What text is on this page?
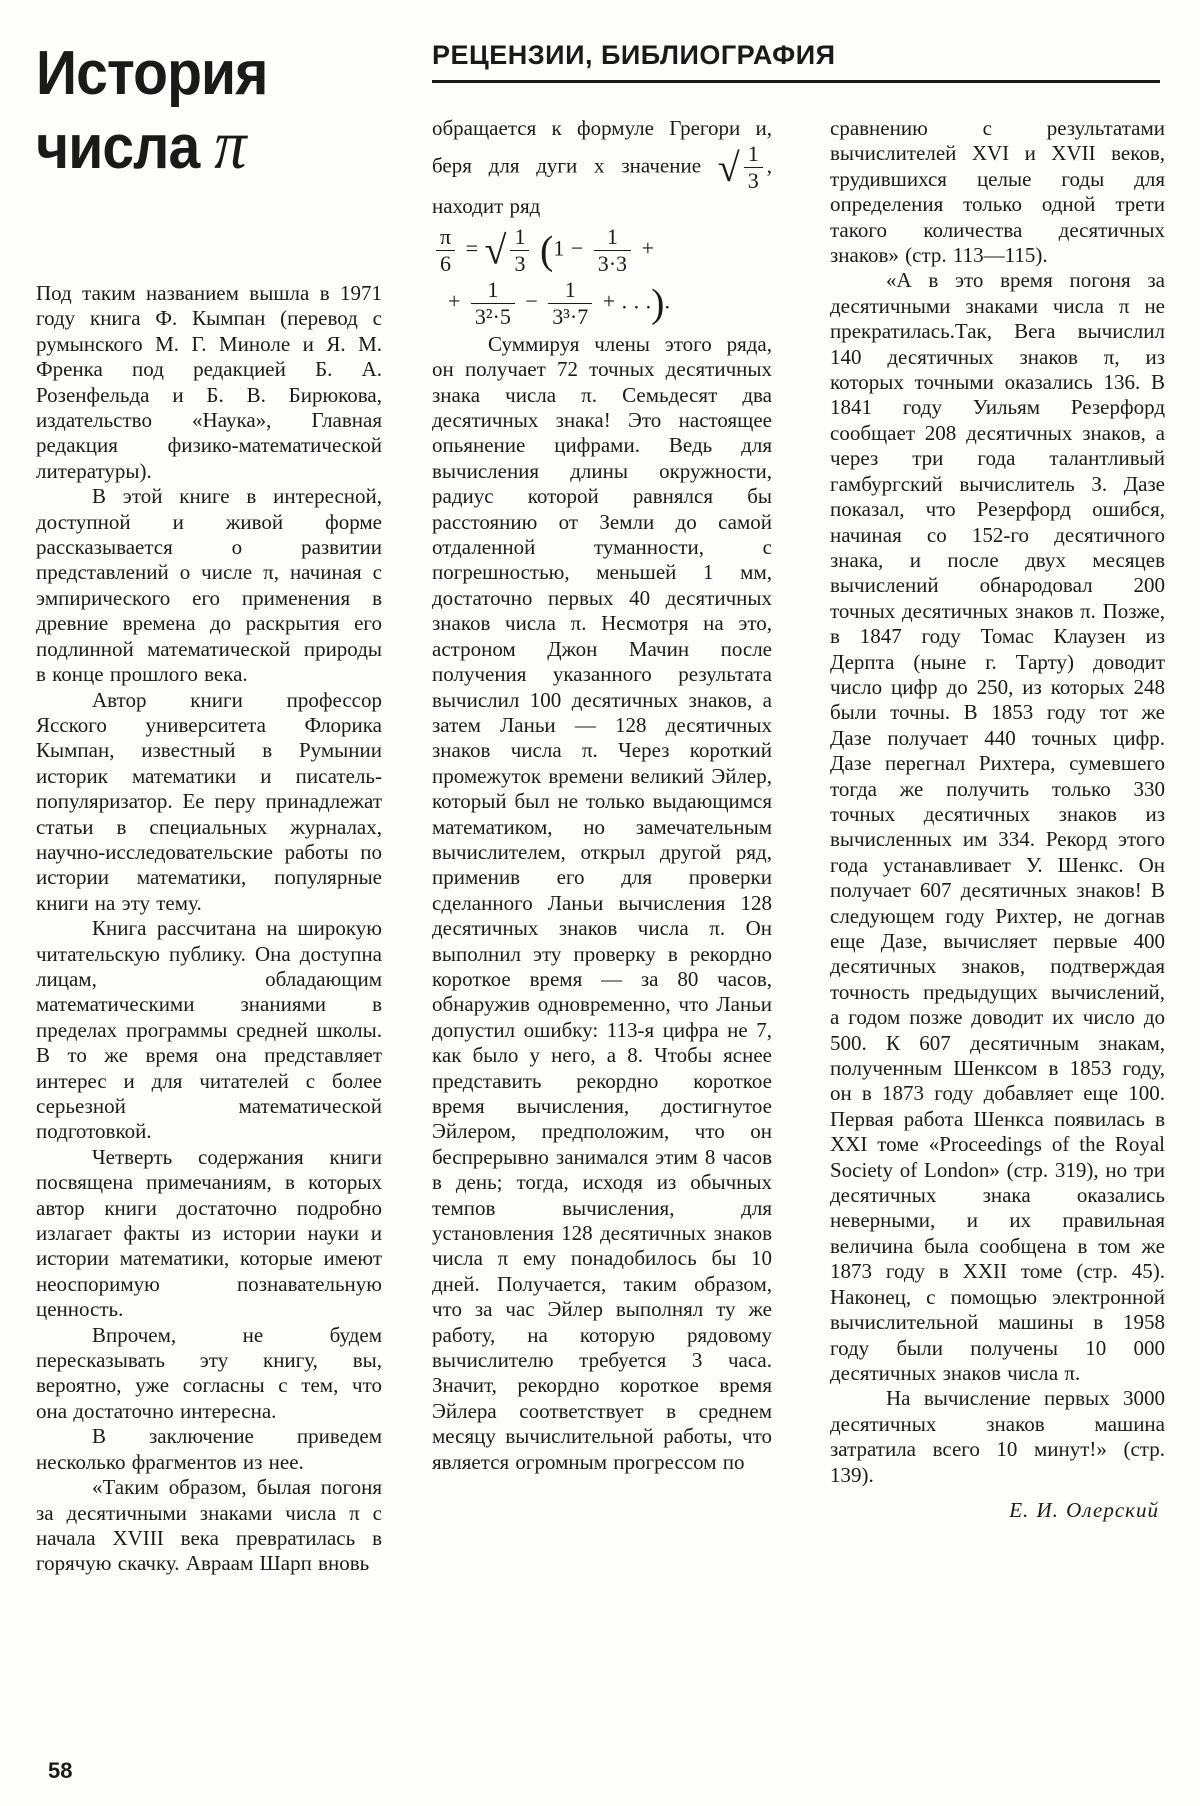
История
числа π
РЕЦЕНЗИИ, БИБЛИОГРАФИЯ

Под таким названием вышла в 1971 году книга Ф. Кымпан (перевод с румынского М. Г. Миноле и Я. М. Френка под редакцией Б. А. Розенфельда и Б. В. Бирюкова, издательство «Наука», Главная редакция физико-математической литературы).

В этой книге в интересной, доступной и живой форме рассказывается о развитии представлений о числе π, начиная с эмпирического его применения в древние времена до раскрытия его подлинной математической природы в конце прошлого века.

Автор книги профессор Ясского университета Флорика Кымпан, известный в Румынии историк математики и писатель-популяризатор. Ее перу принадлежат статьи в специальных журналах, научно-исследовательские работы по истории математики, популярные книги на эту тему.

Книга рассчитана на широкую читательскую публику. Она доступна лицам, обладающим математическими знаниями в пределах программы средней школы. В то же время она представляет интерес и для читателей с более серьезной математической подготовкой.

Четверть содержания книги посвящена примечаниям, в которых автор книги достаточно подробно излагает факты из истории науки и истории математики, которые имеют неоспоримую познавательную ценность.

Впрочем, не будем пересказывать эту книгу, вы, вероятно, уже согласны с тем, что она достаточно интересна.

В заключение приведем несколько фрагментов из нее.

«Таким образом, былая погоня за десятичными знаками числа π с начала XVIII века превратилась в горячую скачку. Авраам Шарп вновь

обращается к формуле Грегори и, беря для дуги x значение √ $\frac{1}{3}$ , находит ряд

$\frac{\pi}{6}$ = √ $\frac{1}{3} (1 - \frac{1}{3\cdot 3}$ +
+ $\frac{1}{\text{3²·5}} - \frac{1}{\text{3³·7}}$ + . . .).

Суммируя члены этого ряда, он получает 72 точных десятичных знака числа π. Семьдесят два десятичных знака! Это настоящее опьянение цифрами. Ведь для вычисления длины окружности, радиус которой равнялся бы расстоянию от Земли до самой отдаленной туманности, с погрешностью, меньшей 1 мм, достаточно первых 40 десятичных знаков числа π. Несмотря на это, астроном Джон Мачин после получения указанного результата вычислил 100 десятичных знаков, а затем Ланьи — 128 десятичных знаков числа π. Через короткий промежуток времени великий Эйлер, который был не только выдающимся математиком, но замечательным вычислителем, открыл другой ряд, применив его для проверки сделанного Ланьи вычисления 128 десятичных знаков числа π. Он выполнил эту проверку в рекордно короткое время — за 80 часов, обнаружив одновременно, что Ланьи допустил ошибку: 113-я цифра не 7, как было у него, а 8. Чтобы яснее представить рекордно короткое время вычисления, достигнутое Эйлером, предположим, что он беспрерывно занимался этим 8 часов в день; тогда, исходя из обычных темпов вычисления, для установления 128 десятичных знаков числа π ему понадобилось бы 10 дней. Получается, таким образом, что за час Эйлер выполнял ту же работу, на которую рядовому вычислителю требуется 3 часа. Значит, рекордно короткое время Эйлера соответствует в среднем месяцу вычислительной работы, что является огромным прогрессом по

сравнению с результатами вычислителей XVI и XVII веков, трудившихся целые годы для определения только одной трети такого количества десятичных знаков» (стр. 113—115).

«А в это время погоня за десятичными знаками числа π не прекратилась.Так, Вега вычислил 140 десятичных знаков π, из которых точными оказались 136. В 1841 году Уильям Резерфорд сообщает 208 десятичных знаков, а через три года талантливый гамбургский вычислитель З. Дазе показал, что Резерфорд ошибся, начиная со 152-го десятичного знака, и после двух месяцев вычислений обнародовал 200 точных десятичных знаков π. Позже, в 1847 году Томас Клаузен из Дерпта (ныне г. Тарту) доводит число цифр до 250, из которых 248 были точны. В 1853 году тот же Дазе получает 440 точных цифр. Дазе перегнал Рихтера, сумевшего тогда же получить только 330 точных десятичных знаков из вычисленных им 334. Рекорд этого года устанавливает У. Шенкс. Он получает 607 десятичных знаков! В следующем году Рихтер, не догнав еще Дазе, вычисляет первые 400 десятичных знаков, подтверждая точность предыдущих вычислений, а годом позже доводит их число до 500. К 607 десятичным знакам, полученным Шенксом в 1853 году, он в 1873 году добавляет еще 100. Первая работа Шенкса появилась в XXI томе «Proceedings of the Royal Society of London» (стр. 319), но три десятичных знака оказались неверными, и их правильная величина была сообщена в том же 1873 году в XXII томе (стр. 45). Наконец, с помощью электронной вычислительной машины в 1958 году были получены 10 000 десятичных знаков числа π.

На вычисление первых 3000 десятичных знаков машина затратила всего 10 минут!» (стр. 139).

Е. И. Олерский
58
